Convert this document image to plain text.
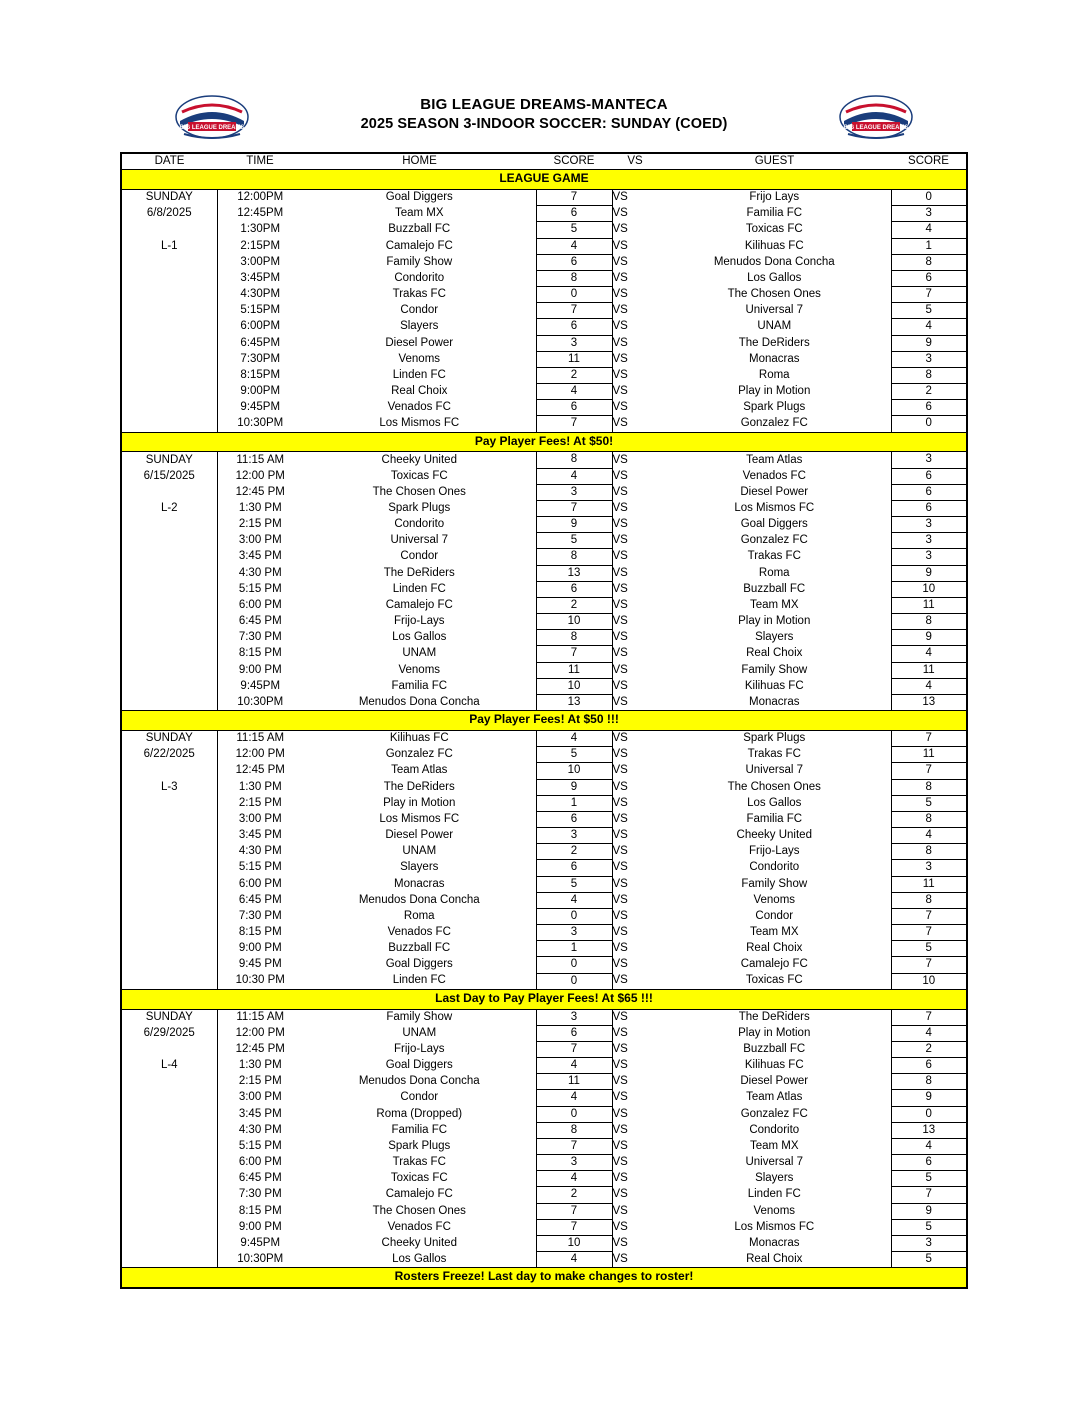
BIG LEAGUE DREAMS	BIG LEAGUE DREAMS
BIG LEAGUE DREAMS-MANTECA
2025 SEASON 3-INDOOR SOCCER: SUNDAY (COED)
DATE	TIME	HOME	SCORE	VS	GUEST	SCORE
LEAGUE GAME						
SUNDAY	12:00PM	Goal Diggers	7	VS	Frijo Lays	0
6/8/2025	12:45PM	Team MX	6	VS	Familia FC	3
	1:30PM	Buzzball FC	5	VS	Toxicas FC	4
L-1	2:15PM	Camalejo FC	4	VS	Kilihuas FC	1
	3:00PM	Family Show	6	VS	Menudos Dona Concha	8
	3:45PM	Condorito	8	VS	Los Gallos	6
	4:30PM	Trakas FC	0	VS	The Chosen Ones	7
	5:15PM	Condor	7	VS	Universal 7	5
	6:00PM	Slayers	6	VS	UNAM	4
	6:45PM	Diesel Power	3	VS	The DeRiders	9
	7:30PM	Venoms	11	VS	Monacras	3
	8:15PM	Linden FC	2	VS	Roma	8
	9:00PM	Real Choix	4	VS	Play in Motion	2
	9:45PM	Venados FC	6	VS	Spark Plugs	6
	10:30PM	Los Mismos FC	7	VS	Gonzalez FC	0
Pay Player Fees! At $50!						
SUNDAY	11:15 AM	Cheeky United	8	VS	Team Atlas	3
6/15/2025	12:00 PM	Toxicas FC	4	VS	Venados FC	6
	12:45 PM	The Chosen Ones	3	VS	Diesel Power	6
L-2	1:30 PM	Spark Plugs	7	VS	Los Mismos FC	6
	2:15 PM	Condorito	9	VS	Goal Diggers	3
	3:00 PM	Universal 7	5	VS	Gonzalez FC	3
	3:45 PM	Condor	8	VS	Trakas FC	3
	4:30 PM	The DeRiders	13	VS	Roma	9
	5:15 PM	Linden FC	6	VS	Buzzball FC	10
	6:00 PM	Camalejo FC	2	VS	Team MX	11
	6:45 PM	Frijo-Lays	10	VS	Play in Motion	8
	7:30 PM	Los Gallos	8	VS	Slayers	9
	8:15 PM	UNAM	7	VS	Real Choix	4
	9:00 PM	Venoms	11	VS	Family Show	11
	9:45PM	Familia FC	10	VS	Kilihuas FC	4
	10:30PM	Menudos Dona Concha	13	VS	Monacras	13
Pay Player Fees! At $50 !!!						
SUNDAY	11:15 AM	Kilihuas FC	4	VS	Spark Plugs	7
6/22/2025	12:00 PM	Gonzalez FC	5	VS	Trakas FC	11
	12:45 PM	Team Atlas	10	VS	Universal 7	7
L-3	1:30 PM	The DeRiders	9	VS	The Chosen Ones	8
	2:15 PM	Play in Motion	1	VS	Los Gallos	5
	3:00 PM	Los Mismos FC	6	VS	Familia FC	8
	3:45 PM	Diesel Power	3	VS	Cheeky United	4
	4:30 PM	UNAM	2	VS	Frijo-Lays	8
	5:15 PM	Slayers	6	VS	Condorito	3
	6:00 PM	Monacras	5	VS	Family Show	11
	6:45 PM	Menudos Dona Concha	4	VS	Venoms	8
	7:30 PM	Roma	0	VS	Condor	7
	8:15 PM	Venados FC	3	VS	Team MX	7
	9:00 PM	Buzzball FC	1	VS	Real Choix	5
	9:45 PM	Goal Diggers	0	VS	Camalejo FC	7
	10:30 PM	Linden FC	0	VS	Toxicas FC	10
Last Day to Pay Player Fees! At $65 !!!						
SUNDAY	11:15 AM	Family Show	3	VS	The DeRiders	7
6/29/2025	12:00 PM	UNAM	6	VS	Play in Motion	4
	12:45 PM	Frijo-Lays	7	VS	Buzzball FC	2
L-4	1:30 PM	Goal Diggers	4	VS	Kilihuas FC	6
	2:15 PM	Menudos Dona Concha	11	VS	Diesel Power	8
	3:00 PM	Condor	4	VS	Team Atlas	9
	3:45 PM	Roma (Dropped)	0	VS	Gonzalez FC	0
	4:30 PM	Familia FC	8	VS	Condorito	13
	5:15 PM	Spark Plugs	7	VS	Team MX	4
	6:00 PM	Trakas FC	3	VS	Universal 7	6
	6:45 PM	Toxicas FC	4	VS	Slayers	5
	7:30 PM	Camalejo FC	2	VS	Linden FC	7
	8:15 PM	The Chosen Ones	7	VS	Venoms	9
	9:00 PM	Venados FC	7	VS	Los Mismos FC	5
	9:45PM	Cheeky United	10	VS	Monacras	3
	10:30PM	Los Gallos	4	VS	Real Choix	5
Rosters Freeze! Last day to make changes to roster!						
